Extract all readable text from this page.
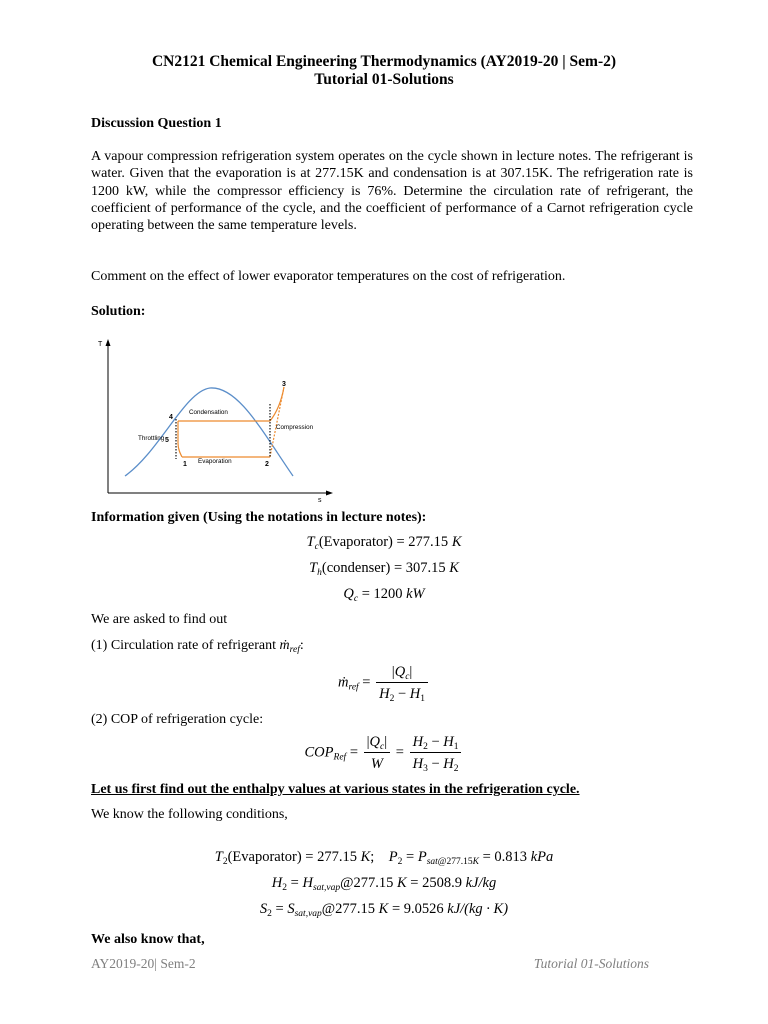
CN2121 Chemical Engineering Thermodynamics (AY2019-20 | Sem-2)
Tutorial 01-Solutions
Discussion Question 1
A vapour compression refrigeration system operates on the cycle shown in lecture notes. The refrigerant is water. Given that the evaporation is at 277.15K and condensation is at 307.15K. The refrigeration rate is 1200 kW, while the compressor efficiency is 76%. Determine the circulation rate of refrigerant, the coefficient of performance of the cycle, and the coefficient of performance of a Carnot refrigeration cycle operating between the same temperature levels.
Comment on the effect of lower evaporator temperatures on the cost of refrigeration.
Solution:
T
s
1	2
3
4
5
Condensation
Compression
Throttling
Evaporation
Information given (Using the notations in lecture notes):
$T_c(Evaporator) = 277.15$ K
$T_h(condenser) = 307.15$ K
$Q_c = 1200$ kW
We are asked to find out
(1) Circulation rate of refrigerant ṁ$_{ref}$:
ṁ$_{ref}$ = $\frac{|Q_c|}{H_2 - H_1}$
(2) COP of refrigeration cycle:
$COP_{Ref} = \frac{|Q_c|}{W} = \frac{H_2 - H_1}{H_3 - H_2}$
Let us first find out the enthalpy values at various states in the refrigeration cycle.
We know the following conditions,
$T_2(Evaporator) = 277.15$ K;    $P_2 = P_{sat@277.15K} = 0.813$ kPa
$H_2$ = $H_{sat,vap}@277.15$ K = 2508.9 kJ/kg
$S_2$ = $S_{sat,vap}@277.15$ K = 9.0526 kJ/(kg · K)
We also know that,
AY2019-20| Sem-2	Tutorial 01-Solutions
